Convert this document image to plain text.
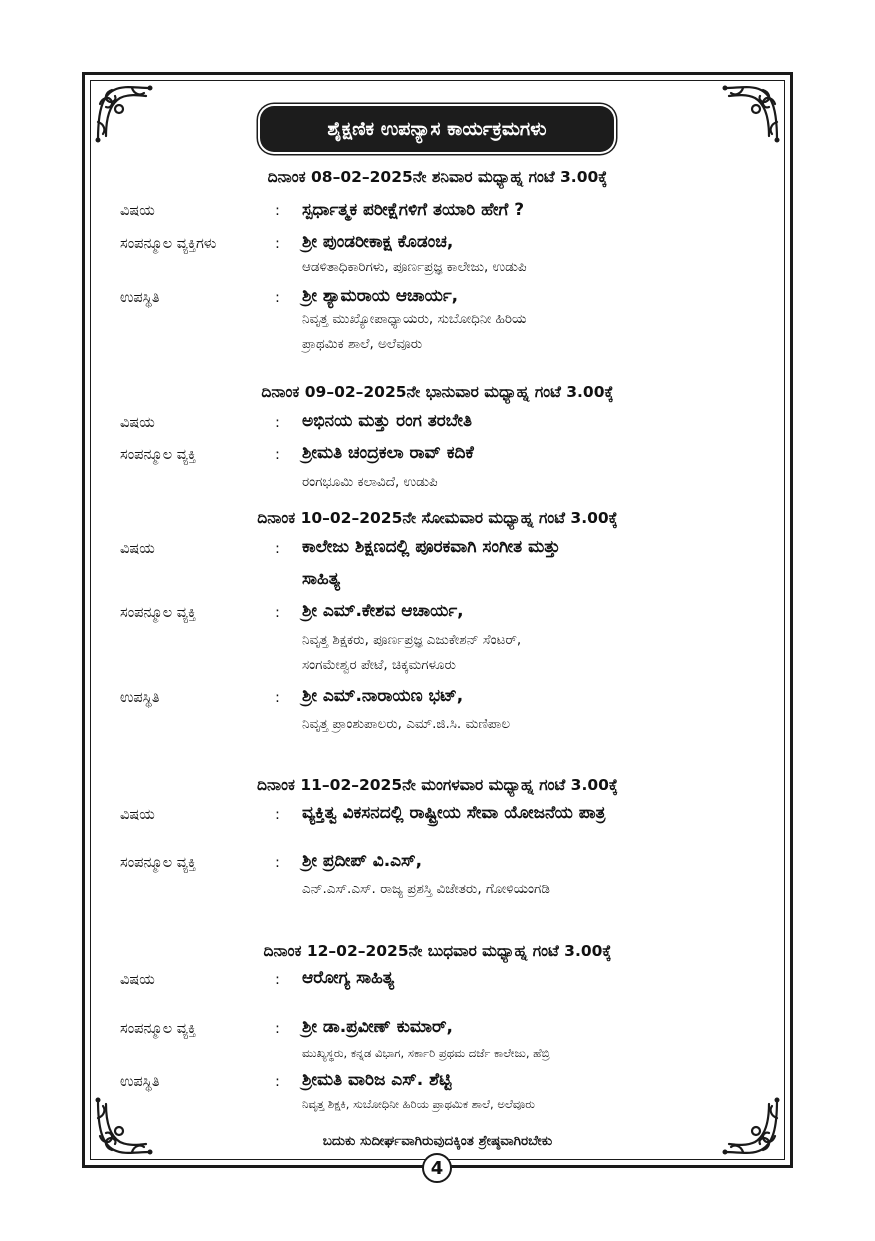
ಶೈಕ್ಷಣಿಕ ಉಪನ್ಯಾಸ ಕಾರ್ಯಕ್ರಮಗಳು
ದಿನಾಂಕ 08–02–2025ನೇ ಶನಿವಾರ ಮಧ್ಯಾಹ್ನ ಗಂಟೆ 3.00ಕ್ಕೆ
ವಿಷಯ	: ಸ್ಪರ್ಧಾತ್ಮಕ ಪರೀಕ್ಷೆಗಳಿಗೆ ತಯಾರಿ ಹೇಗೆ ?
ಸಂಪನ್ಮೂಲ ವ್ಯಕ್ತಿಗಳು	: ಶ್ರೀ ಪುಂಡರೀಕಾಕ್ಷ ಕೊಡಂಚ,
ಆಡಳಿತಾಧಿಕಾರಿಗಳು, ಪೂರ್ಣಪ್ರಜ್ಞ ಕಾಲೇಜು, ಉಡುಪಿ
ಉಪಸ್ಥಿತಿ	: ಶ್ರೀ ಶ್ಯಾಮರಾಯ ಆಚಾರ್ಯ,
ನಿವೃತ್ತ ಮುಖ್ಯೋಪಾಧ್ಯಾಯರು, ಸುಬೋಧಿನೀ ಹಿರಿಯ
ಪ್ರಾಥಮಿಕ ಶಾಲೆ, ಅಲೆವೂರು
ದಿನಾಂಕ 09–02–2025ನೇ ಭಾನುವಾರ ಮಧ್ಯಾಹ್ನ ಗಂಟೆ 3.00ಕ್ಕೆ
ವಿಷಯ	: ಅಭಿನಯ ಮತ್ತು ರಂಗ ತರಬೇತಿ
ಸಂಪನ್ಮೂಲ ವ್ಯಕ್ತಿ	: ಶ್ರೀಮತಿ ಚಂದ್ರಕಲಾ ರಾವ್ ಕದಿಕೆ
ರಂಗಭೂಮಿ ಕಲಾವಿದೆ, ಉಡುಪಿ
ದಿನಾಂಕ 10–02–2025ನೇ ಸೋಮವಾರ ಮಧ್ಯಾಹ್ನ ಗಂಟೆ 3.00ಕ್ಕೆ
ವಿಷಯ	: ಕಾಲೇಜು ಶಿಕ್ಷಣದಲ್ಲಿ ಪೂರಕವಾಗಿ ಸಂಗೀತ ಮತ್ತು
ಸಾಹಿತ್ಯ
ಸಂಪನ್ಮೂಲ ವ್ಯಕ್ತಿ	: ಶ್ರೀ ಎಮ್.ಕೇಶವ ಆಚಾರ್ಯ,
ನಿವೃತ್ತ ಶಿಕ್ಷಕರು, ಪೂರ್ಣಪ್ರಜ್ಞ ಎಜುಕೇಶನ್ ಸೆಂಟರ್,
ಸಂಗಮೇಶ್ವರ ಪೇಟೆ, ಚಿಕ್ಕಮಗಳೂರು
ಉಪಸ್ಥಿತಿ	: ಶ್ರೀ ಎಮ್.ನಾರಾಯಣ ಭಟ್,
ನಿವೃತ್ತ ಪ್ರಾಂಶುಪಾಲರು, ಎಮ್.ಜಿ.ಸಿ. ಮಣಿಪಾಲ
ದಿನಾಂಕ 11–02–2025ನೇ ಮಂಗಳವಾರ ಮಧ್ಯಾಹ್ನ ಗಂಟೆ 3.00ಕ್ಕೆ
ವಿಷಯ	: ವ್ಯಕ್ತಿತ್ವ ವಿಕಸನದಲ್ಲಿ ರಾಷ್ಟ್ರೀಯ ಸೇವಾ ಯೋಜನೆಯ ಪಾತ್ರ
ಸಂಪನ್ಮೂಲ ವ್ಯಕ್ತಿ	: ಶ್ರೀ ಪ್ರದೀಪ್ ವಿ.ಎಸ್,
ಎನ್.ಎಸ್.ಎಸ್. ರಾಜ್ಯ ಪ್ರಶಸ್ತಿ ವಿಜೇತರು, ಗೋಳಿಯಂಗಡಿ
ದಿನಾಂಕ 12–02–2025ನೇ ಬುಧವಾರ ಮಧ್ಯಾಹ್ನ ಗಂಟೆ 3.00ಕ್ಕೆ
ವಿಷಯ	: ಆರೋಗ್ಯ ಸಾಹಿತ್ಯ
ಸಂಪನ್ಮೂಲ ವ್ಯಕ್ತಿ	: ಶ್ರೀ ಡಾ.ಪ್ರವೀಣ್ ಕುಮಾರ್,
ಮುಖ್ಯಸ್ಥರು, ಕನ್ನಡ ವಿಭಾಗ, ಸರ್ಕಾರಿ ಪ್ರಥಮ ದರ್ಜೆ ಕಾಲೇಜು, ಹೆಬ್ರಿ
ಉಪಸ್ಥಿತಿ	: ಶ್ರೀಮತಿ ವಾರಿಜ ಎಸ್. ಶೆಟ್ಟಿ
ನಿವೃತ್ತ ಶಿಕ್ಷಕಿ, ಸುಬೋಧಿನೀ ಹಿರಿಯ ಪ್ರಾಥಮಿಕ ಶಾಲೆ, ಅಲೆವೂರು
ಬದುಕು ಸುದೀರ್ಘವಾಗಿರುವುದಕ್ಕಿಂತ ಶ್ರೇಷ್ಠವಾಗಿರಬೇಕು
4
